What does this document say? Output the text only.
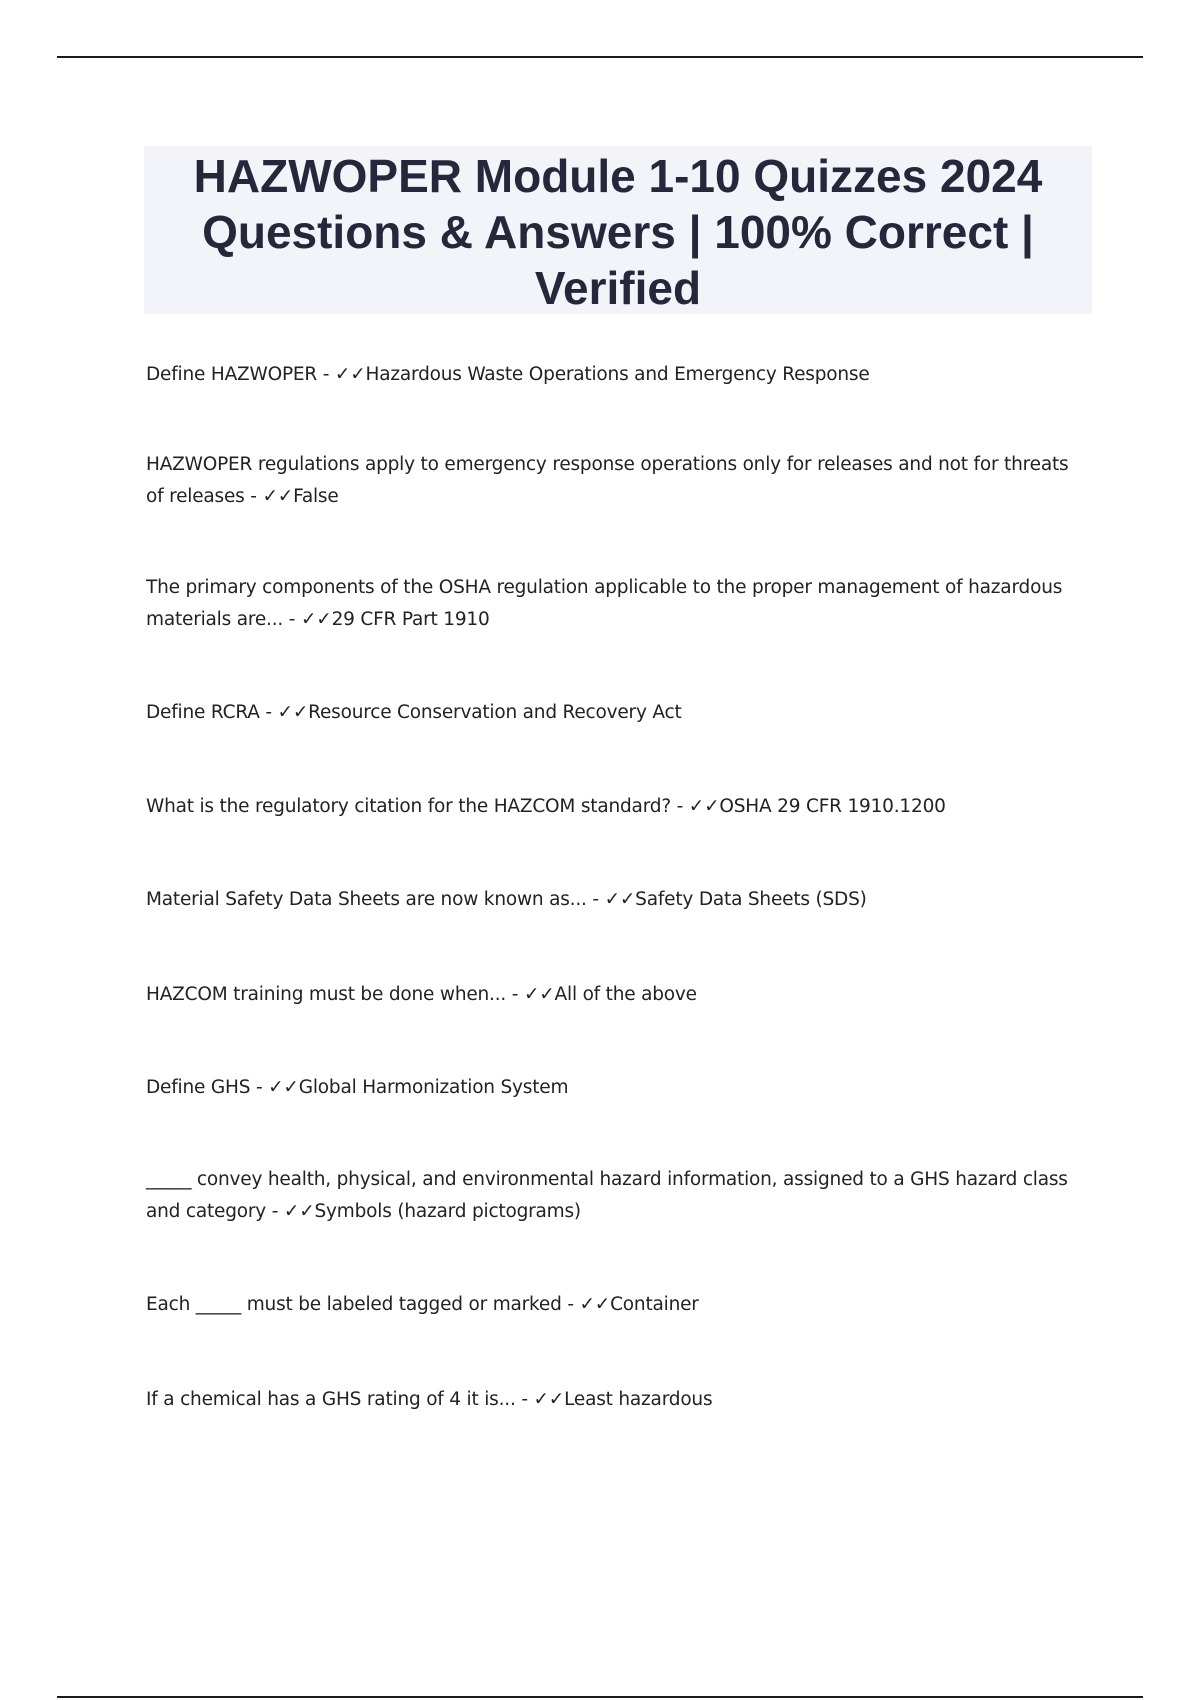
HAZWOPER Module 1-10 Quizzes 2024 Questions & Answers | 100% Correct | Verified

Define HAZWOPER - ✓✓Hazardous Waste Operations and Emergency Response

HAZWOPER regulations apply to emergency response operations only for releases and not for threats of releases - ✓✓False

The primary components of the OSHA regulation applicable to the proper management of hazardous materials are... - ✓✓29 CFR Part 1910

Define RCRA - ✓✓Resource Conservation and Recovery Act

What is the regulatory citation for the HAZCOM standard? - ✓✓OSHA 29 CFR 1910.1200

Material Safety Data Sheets are now known as... - ✓✓Safety Data Sheets (SDS)

HAZCOM training must be done when... - ✓✓All of the above

Define GHS - ✓✓Global Harmonization System

_____ convey health, physical, and environmental hazard information, assigned to a GHS hazard class and category - ✓✓Symbols (hazard pictograms)

Each _____ must be labeled tagged or marked - ✓✓Container

If a chemical has a GHS rating of 4 it is... - ✓✓Least hazardous
